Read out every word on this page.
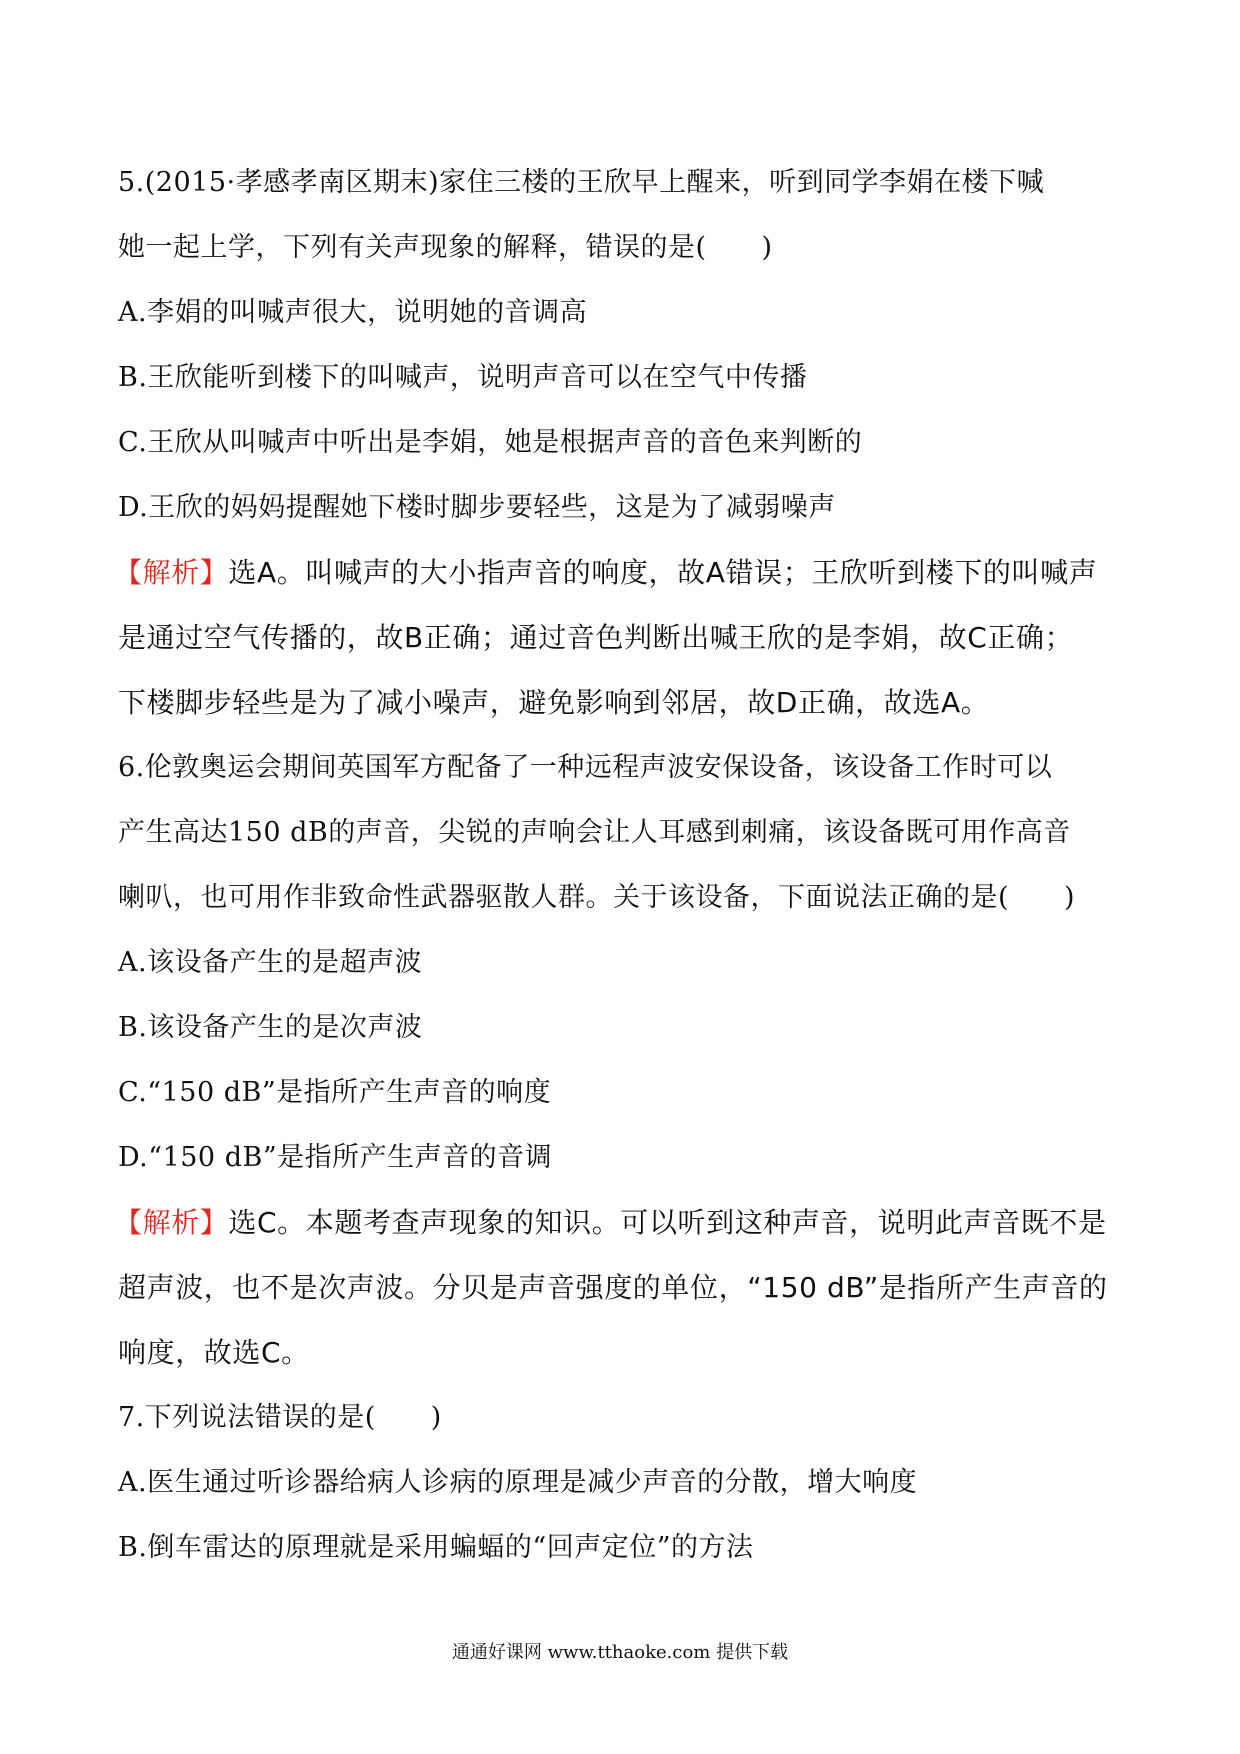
5.(2015·孝感孝南区期末)家住三楼的王欣早上醒来，听到同学李娟在楼下喊
她一起上学，下列有关声现象的解释，错误的是(　　)
A.李娟的叫喊声很大，说明她的音调高
B.王欣能听到楼下的叫喊声，说明声音可以在空气中传播
C.王欣从叫喊声中听出是李娟，她是根据声音的音色来判断的
D.王欣的妈妈提醒她下楼时脚步要轻些，这是为了减弱噪声
【解析】选A。叫喊声的大小指声音的响度，故A错误；王欣听到楼下的叫喊声
是通过空气传播的，故B正确；通过音色判断出喊王欣的是李娟，故C正确；
下楼脚步轻些是为了减小噪声，避免影响到邻居，故D正确，故选A。
6.伦敦奥运会期间英国军方配备了一种远程声波安保设备，该设备工作时可以
产生高达150 dB的声音，尖锐的声响会让人耳感到刺痛，该设备既可用作高音
喇叭，也可用作非致命性武器驱散人群。关于该设备，下面说法正确的是(　　)
A.该设备产生的是超声波
B.该设备产生的是次声波
C.“150 dB”是指所产生声音的响度
D.“150 dB”是指所产生声音的音调
【解析】选C。本题考查声现象的知识。可以听到这种声音，说明此声音既不是
超声波，也不是次声波。分贝是声音强度的单位，“150 dB”是指所产生声音的
响度，故选C。
7.下列说法错误的是(　　)
A.医生通过听诊器给病人诊病的原理是减少声音的分散，增大响度
B.倒车雷达的原理就是采用蝙蝠的“回声定位”的方法
通通好课网 www.tthaoke.com 提供下载
